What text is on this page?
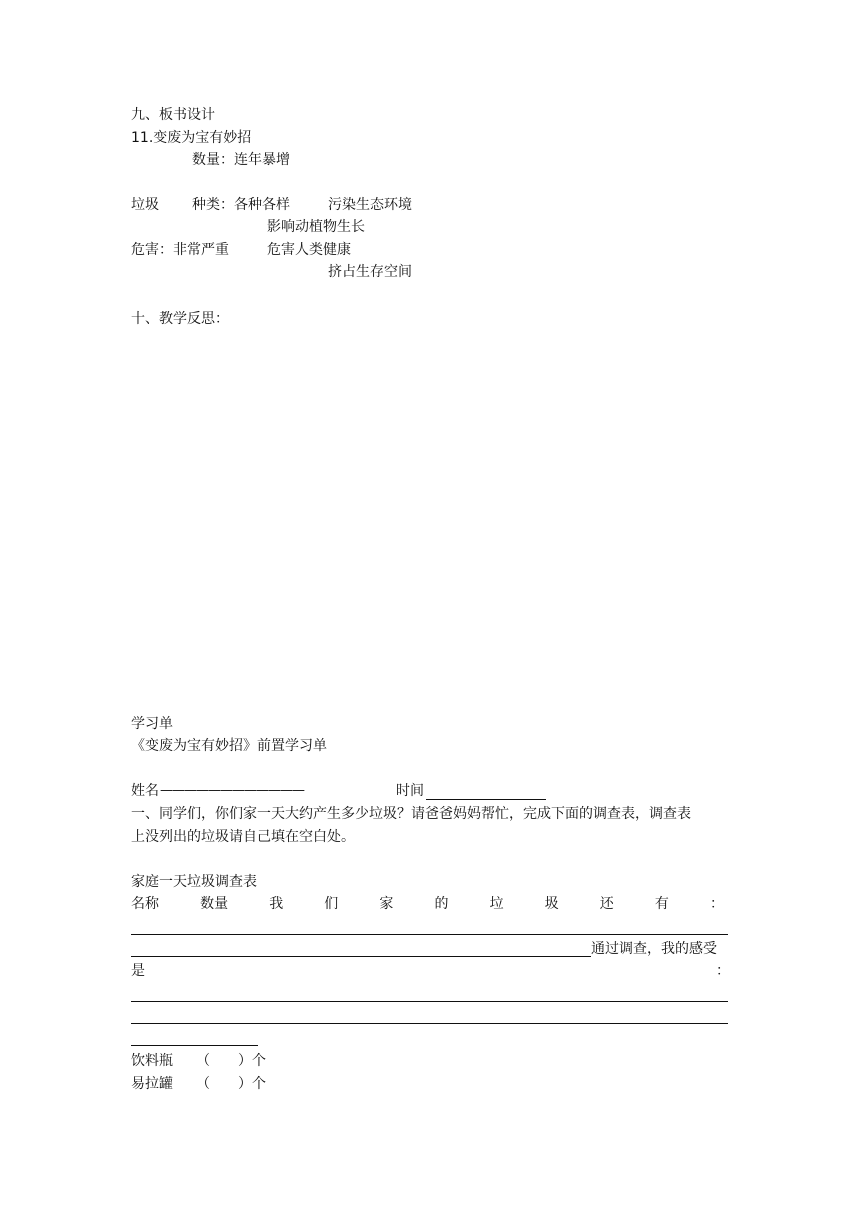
九、板书设计
11.变废为宝有妙招
数量：连年暴增
垃圾 种类：各种各样	污染生态环境
影响动植物生长
危害：非常严重	危害人类健康
挤占生存空间
十、教学反思：
学习单
《变废为宝有妙招》前置学习单
姓名 ————————————	时间
一、同学们，你们家一天大约产生多少垃圾？请爸爸妈妈帮忙，完成下面的调查表，调查表
上没列出的垃圾请自己填在空白处。
家庭一天垃圾调查表
名称	数量	我	们	家	的	垃	圾	还	有	：
通过调查，我的感受
是	：
饮料瓶 （　　）个
易拉罐 （　　）个
